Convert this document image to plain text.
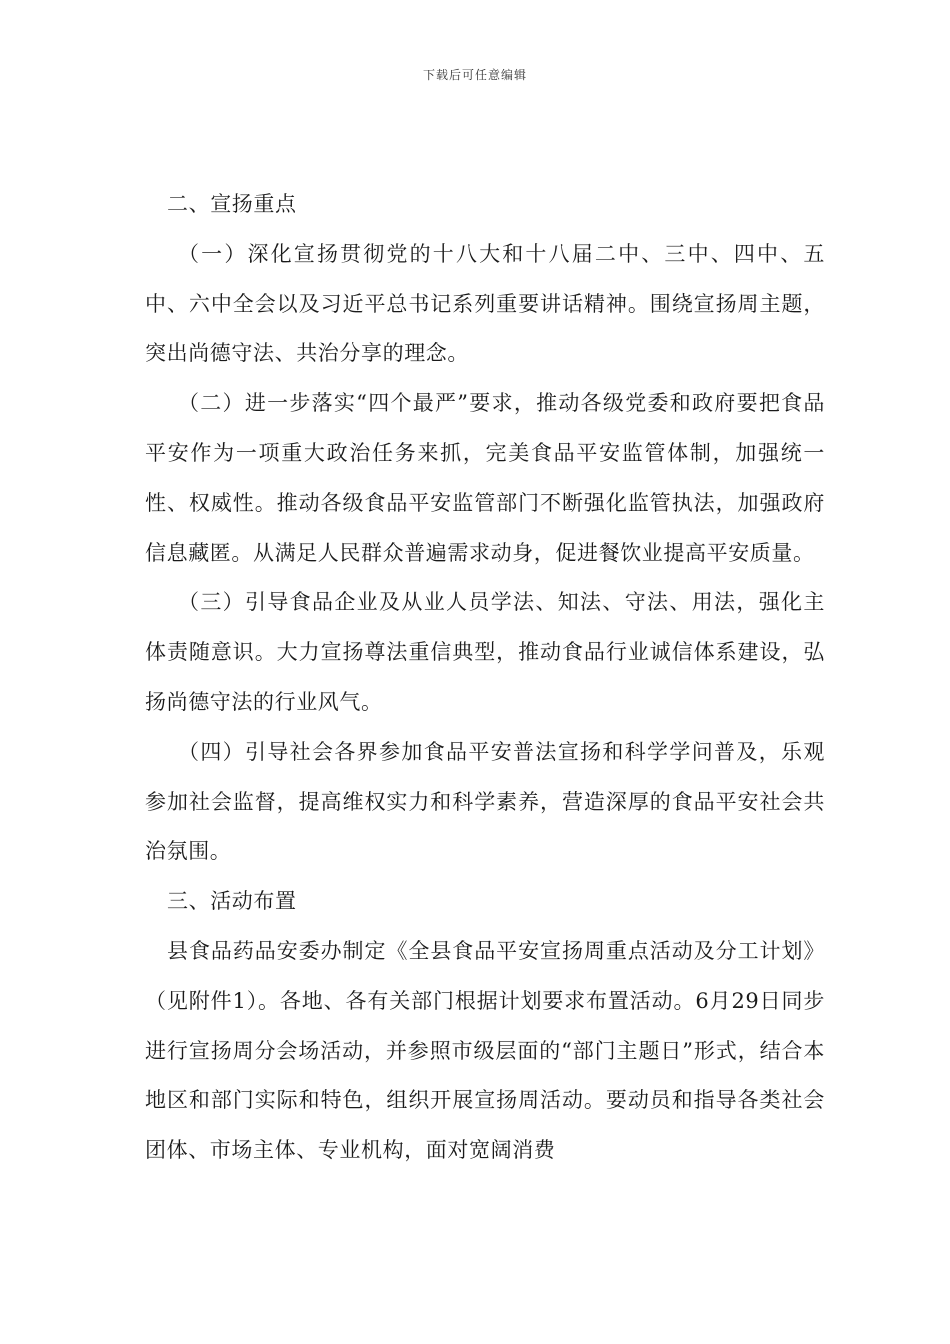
下载后可任意编辑

二、宣扬重点

（一）深化宣扬贯彻党的十八大和十八届二中、三中、四中、五中、六中全会以及习近平总书记系列重要讲话精神。围绕宣扬周主题，突出尚德守法、共治分享的理念。

（二）进一步落实“四个最严”要求，推动各级党委和政府要把食品平安作为一项重大政治任务来抓，完美食品平安监管体制，加强统一性、权威性。推动各级食品平安监管部门不断强化监管执法，加强政府信息藏匿。从满足人民群众普遍需求动身，促进餐饮业提高平安质量。

（三）引导食品企业及从业人员学法、知法、守法、用法，强化主体责随意识。大力宣扬尊法重信典型，推动食品行业诚信体系建设，弘扬尚德守法的行业风气。

（四）引导社会各界参加食品平安普法宣扬和科学学问普及，乐观参加社会监督，提高维权实力和科学素养，营造深厚的食品平安社会共治氛围。

三、活动布置

县食品药品安委办制定《全县食品平安宣扬周重点活动及分工计划》（见附件1）。各地、各有关部门根据计划要求布置活动。6月29日同步进行宣扬周分会场活动，并参照市级层面的“部门主题日”形式，结合本地区和部门实际和特色，组织开展宣扬周活动。要动员和指导各类社会团体、市场主体、专业机构，面对宽阔消费
